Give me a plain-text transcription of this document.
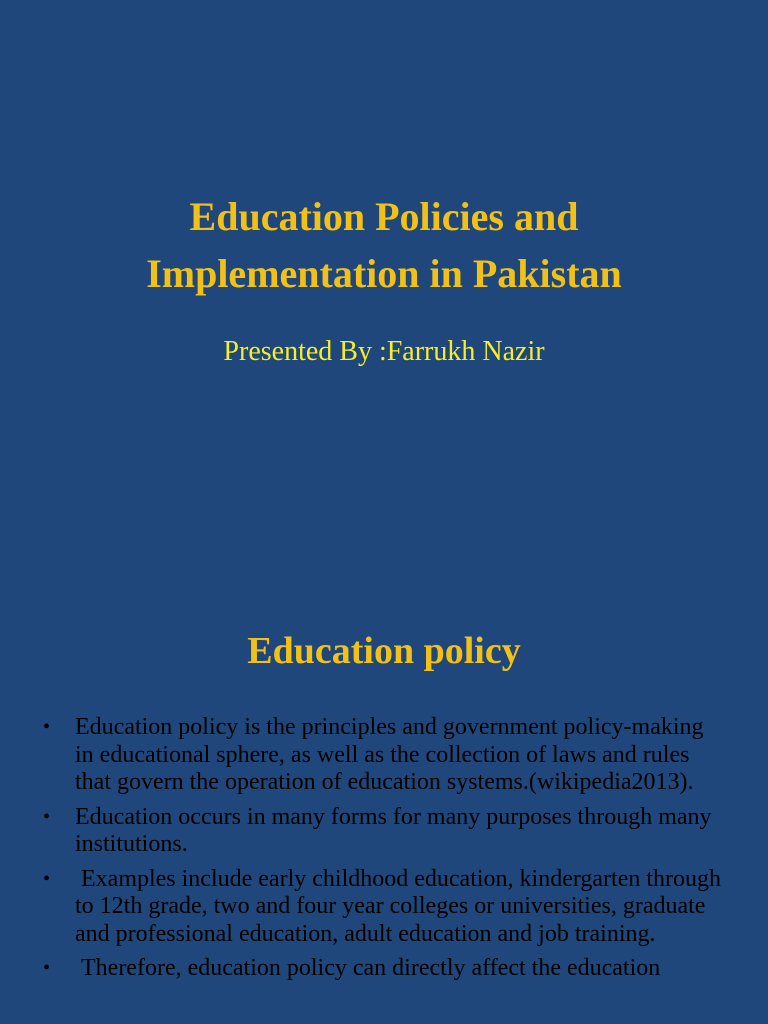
Education Policies and
Implementation in Pakistan

Presented By :Farrukh Nazir

Education policy
• Education policy is the principles and government policy-making in educational sphere, as well as the collection of laws and rules that govern the operation of education systems.(wikipedia2013).
• Education occurs in many forms for many purposes through many institutions.
• Examples include early childhood education, kindergarten through to 12th grade, two and four year colleges or universities, graduate and professional education, adult education and job training.
• Therefore, education policy can directly affect the education
